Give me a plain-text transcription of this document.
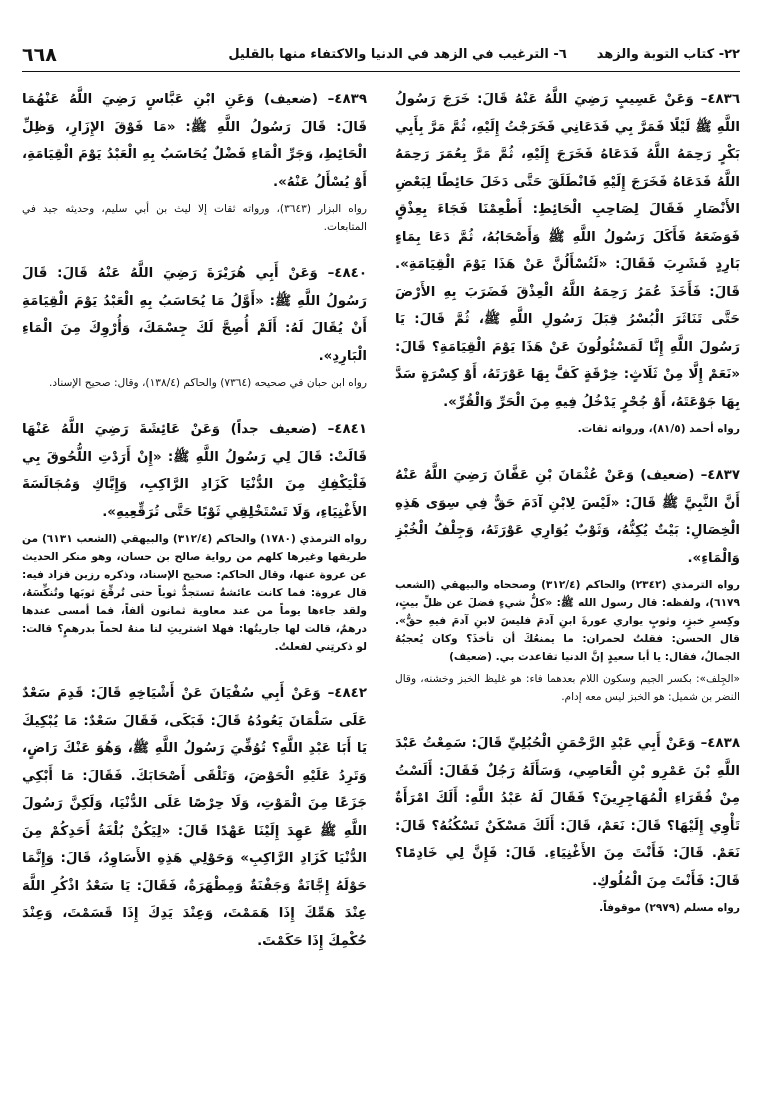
٢٢- كتاب التوبة والزهد٦- الترغيب في الزهد في الدنيا والاكتفاء منها بالقليل
٦٦٨

٤٨٣٦– وَعَنْ عَسِيبٍ رَضِيَ اللَّهُ عَنْهُ قَالَ: خَرَجَ رَسُولُ اللَّهِ ﷺ لَيْلًا فَمَرَّ بِي فَدَعَانِي فَخَرَجْتُ إِلَيْهِ، ثُمَّ مَرَّ بِأَبِي بَكْرٍ رَحِمَهُ اللَّهُ فَدَعَاهُ فَخَرَجَ إِلَيْهِ، ثُمَّ مَرَّ بِعُمَرَ رَحِمَهُ اللَّهُ فَدَعَاهُ فَخَرَجَ إِلَيْهِ فَانْطَلَقَ حَتَّى دَخَلَ حَائِطًا لِبَعْضِ الأَنْصَارِ فَقَالَ لِصَاحِبِ الْحَائِطِ: أَطْعِمْنَا فَجَاءَ بِعِذْقٍ فَوَضَعَهُ فَأَكَلَ رَسُولُ اللَّهِ ﷺ وَأَصْحَابُهُ، ثُمَّ دَعَا بِمَاءٍ بَارِدٍ فَشَرِبَ فَقَالَ: «لَتُسْأَلُنَّ عَنْ هَذَا يَوْمَ الْقِيَامَةِ». قَالَ: فَأَخَذَ عُمَرُ رَحِمَهُ اللَّهُ الْعِذْقَ فَضَرَبَ بِهِ الأَرْضَ حَتَّى تَنَاثَرَ الْبُسْرُ قِبَلَ رَسُولِ اللَّهِ ﷺ، ثُمَّ قَالَ: يَا رَسُولَ اللَّهِ إِنَّا لَمَسْئُولُونَ عَنْ هَذَا يَوْمَ الْقِيَامَةِ؟ قَالَ: «نَعَمْ إِلَّا مِنْ ثَلَاثٍ: خِرْقَةٍ كَفَّ بِهَا عَوْرَتَهُ، أَوْ كِسْرَةٍ سَدَّ بِهَا جَوْعَتَهُ، أَوْ جُحْرٍ يَدْخُلُ فِيهِ مِنَ الْحَرِّ وَالْقُرِّ».

رواه أحمد (٨١/٥)، ورواته ثقات.

٤٨٣٧– (ضعيف) وَعَنْ عُثْمَانَ بْنِ عَفَّانَ رَضِيَ اللَّهُ عَنْهُ أَنَّ النَّبِيَّ ﷺ قَالَ: «لَيْسَ لِابْنِ آدَمَ حَقٌّ فِي سِوَى هَذِهِ الْخِصَالِ: بَيْتٌ يُكِنُّهُ، وَثَوْبٌ يُوَارِي عَوْرَتَهُ، وَجِلْفُ الْخُبْزِ وَالْمَاءِ».

رواه الترمذي (٢٣٤٢) والحاكم (٣١٢/٤) وصححاه والبيهقي (الشعب ٦١٧٩)، ولفظه: قال رسول الله ﷺ: «كلُّ شيءٍ فضلَ عن ظلِّ بيتٍ، وكِسرِ خبزٍ، وثوبٍ يواري عورةَ ابنِ آدمَ فليسَ لابنِ آدمَ فيهِ حقٌّ». قال الحسن: فقلتُ لحمران: ما يمنعُكَ أن تأخذَ؟ وكان يُعجبُهُ الجمالُ، فقال: يا أبا سعيدٍ إنَّ الدنيا تقاعدت بي. (ضعيف)

«الجِلف»: بكسر الجيم وسكون اللام بعدهما فاء: هو غليظ الخبز وخشنه، وقال النضر بن شميل: هو الخبز ليس معه إدام.

٤٨٣٨– وَعَنْ أَبِي عَبْدِ الرَّحْمَنِ الْحُبُلِيِّ قَالَ: سَمِعْتُ عَبْدَ اللَّهِ بْنَ عَمْرِو بْنِ الْعَاصِي، وَسَأَلَهُ رَجُلٌ فَقَالَ: أَلَسْتُ مِنْ فُقَرَاءِ الْمُهَاجِرِينَ؟ فَقَالَ لَهُ عَبْدُ اللَّهِ: أَلَكَ امْرَأَةٌ تَأْوِي إِلَيْهَا؟ قَالَ: نَعَمْ، قَالَ: أَلَكَ مَسْكَنٌ تَسْكُنُهُ؟ قَالَ: نَعَمْ. قَالَ: فَأَنْتَ مِنَ الأَغْنِيَاءِ. قَالَ: فَإِنَّ لِي خَادِمًا؟ قَالَ: فَأَنْتَ مِنَ الْمُلُوكِ.

رواه مسلم (٢٩٧٩) موقوفاً.

٤٨٣٩– (ضعيف) وَعَنِ ابْنِ عَبَّاسٍ رَضِيَ اللَّهُ عَنْهُمَا قَالَ: قَالَ رَسُولُ اللَّهِ ﷺ: «مَا فَوْقَ الإِزَارِ، وَظِلِّ الْحَائِطِ، وَجَرِّ الْمَاءِ فَضْلٌ يُحَاسَبُ بِهِ الْعَبْدُ يَوْمَ الْقِيَامَةِ، أَوْ يُسْأَلُ عَنْهُ».

رواه البزار (٣٦٤٣)، ورواته ثقات إلا ليث بن أبي سليم، وحديثه جيد في المتابعات.

٤٨٤٠– وَعَنْ أَبِي هُرَيْرَةَ رَضِيَ اللَّهُ عَنْهُ قَالَ: قَالَ رَسُولُ اللَّهِ ﷺ: «أَوَّلُ مَا يُحَاسَبُ بِهِ الْعَبْدُ يَوْمَ الْقِيَامَةِ أَنْ يُقَالَ لَهُ: أَلَمْ أُصِحَّ لَكَ جِسْمَكَ، وَأُرْوِكَ مِنَ الْمَاءِ الْبَارِدِ».

رواه ابن حبان في صحيحه (٧٣٦٤) والحاكم (١٣٨/٤)، وقال: صحيح الإسناد.

٤٨٤١– (ضعيف جداً) وَعَنْ عَائِشَةَ رَضِيَ اللَّهُ عَنْهَا قَالَتْ: قَالَ لِي رَسُولُ اللَّهِ ﷺ: «إِنْ أَرَدْتِ اللُّحُوقَ بِي فَلْيَكْفِكِ مِنَ الدُّنْيَا كَزَادِ الرَّاكِبِ، وَإِيَّاكِ وَمُجَالَسَةَ الأَغْنِيَاءِ، وَلَا تَسْتَخْلِقِي ثَوْبًا حَتَّى تُرَقِّعِيهِ».

رواه الترمذي (١٧٨٠) والحاكم (٣١٢/٤) والبيهقي (الشعب ٦١٣١) من طريقها وغيرها كلهم من رواية صالح بن حسان، وهو منكر الحديث عن عروة عنها، وقال الحاكم: صحيح الإسناد، وذكره رزين فزاد فيه: قال عروة: فما كانت عائشةُ تستجدُّ ثوباً حتى تُرقِّعَ ثوبَها وتُنكِّسَهُ، ولقد جاءها يوماً من عند معاوية ثمانون ألفاً، فما أمسى عندها درهمٌ، قالت لها جاريتُها: فهلا اشتريتِ لنا منهُ لحماً بدرهمٍ؟ قالت: لو ذكرتِني لفعلتُ.

٤٨٤٢– وَعَنْ أَبِي سُفْيَانَ عَنْ أَشْيَاخِهِ قَالَ: قَدِمَ سَعْدٌ عَلَى سَلْمَانَ يَعُودُهُ قَالَ: فَبَكَى، فَقَالَ سَعْدٌ: مَا يُبْكِيكَ يَا أَبَا عَبْدِ اللَّهِ؟ تُوُفِّيَ رَسُولُ اللَّهِ ﷺ، وَهُوَ عَنْكَ رَاضٍ، وَتَرِدُ عَلَيْهِ الْحَوْضَ، وَتَلْقَى أَصْحَابَكَ. فَقَالَ: مَا أَبْكِي جَزَعًا مِنَ الْمَوْتِ، وَلَا حِرْصًا عَلَى الدُّنْيَا، وَلَكِنَّ رَسُولَ اللَّهِ ﷺ عَهِدَ إِلَيْنَا عَهْدًا قَالَ: «لِيَكُنْ بُلْغَةُ أَحَدِكُمْ مِنَ الدُّنْيَا كَزَادِ الرَّاكِبِ» وَحَوْلِي هَذِهِ الأَسَاوِدُ، قَالَ: وَإِنَّمَا حَوْلَهُ إِجَّانَةٌ وَجَفْنَةٌ وَمِطْهَرَةٌ، فَقَالَ: يَا سَعْدُ اذْكُرِ اللَّهَ عِنْدَ هَمِّكَ إِذَا هَمَمْتَ، وَعِنْدَ يَدِكَ إِذَا قَسَمْتَ، وَعِنْدَ حُكْمِكَ إِذَا حَكَمْتَ.
